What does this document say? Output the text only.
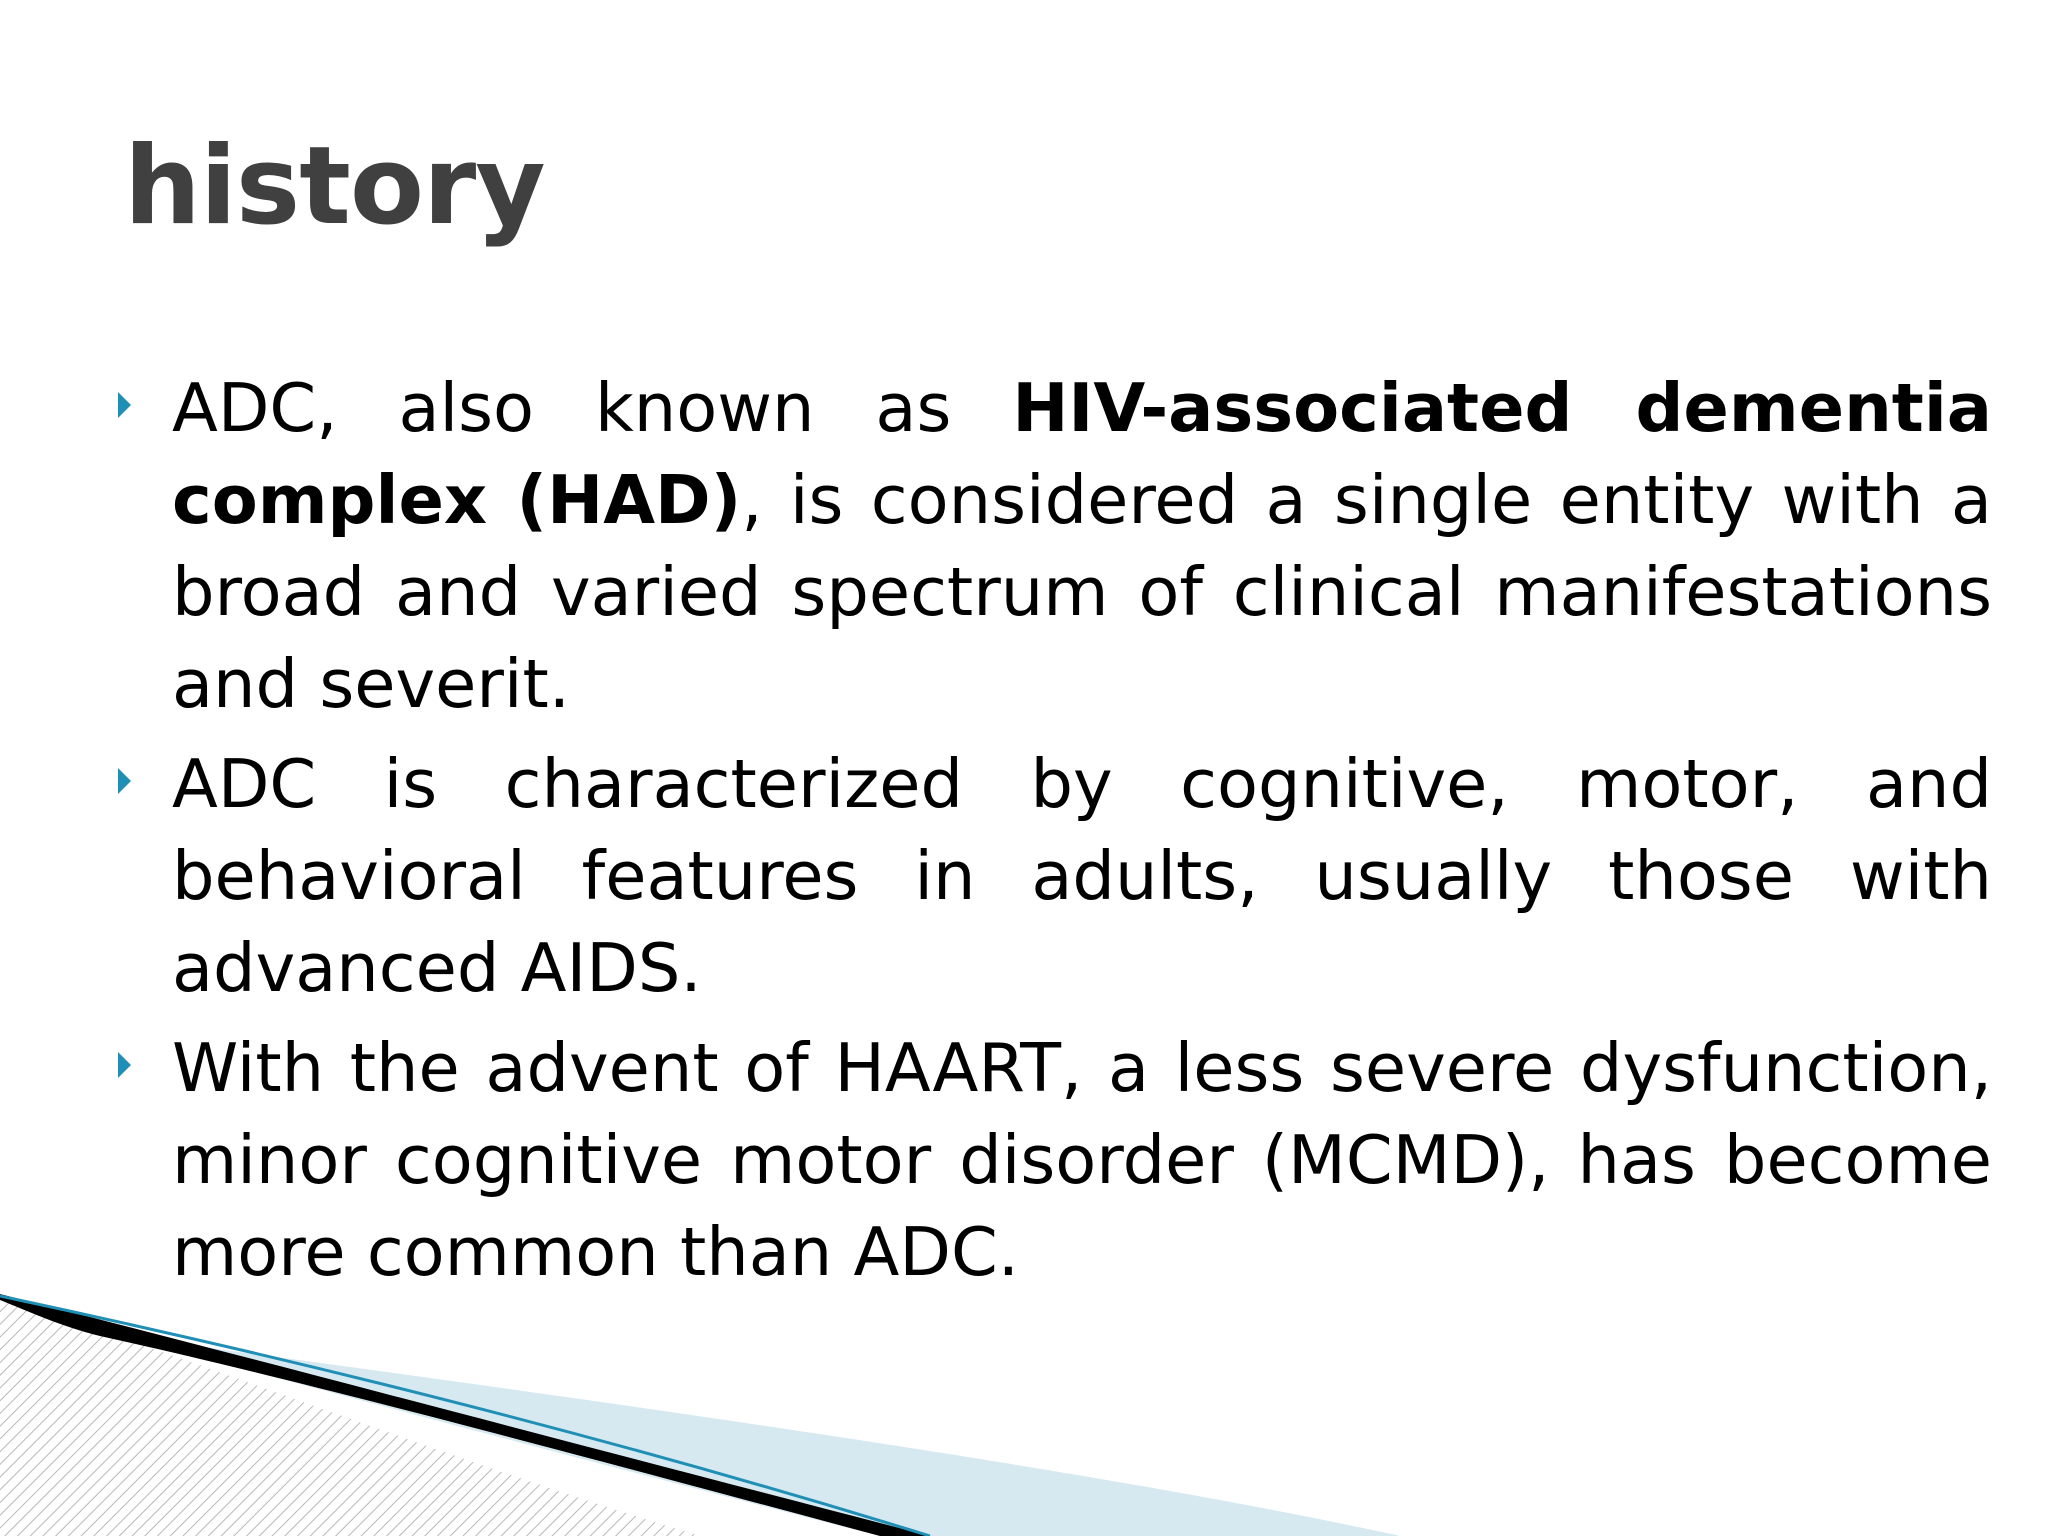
history
ADC, also known as HIV-associated dementia complex (HAD), is considered a single entity with a broad and varied spectrum of clinical manifestations and severit.
ADC is characterized by cognitive, motor, and behavioral features in adults, usually those with advanced AIDS.
With the advent of HAART, a less severe dysfunction, minor cognitive motor disorder (MCMD), has become more common than ADC.
